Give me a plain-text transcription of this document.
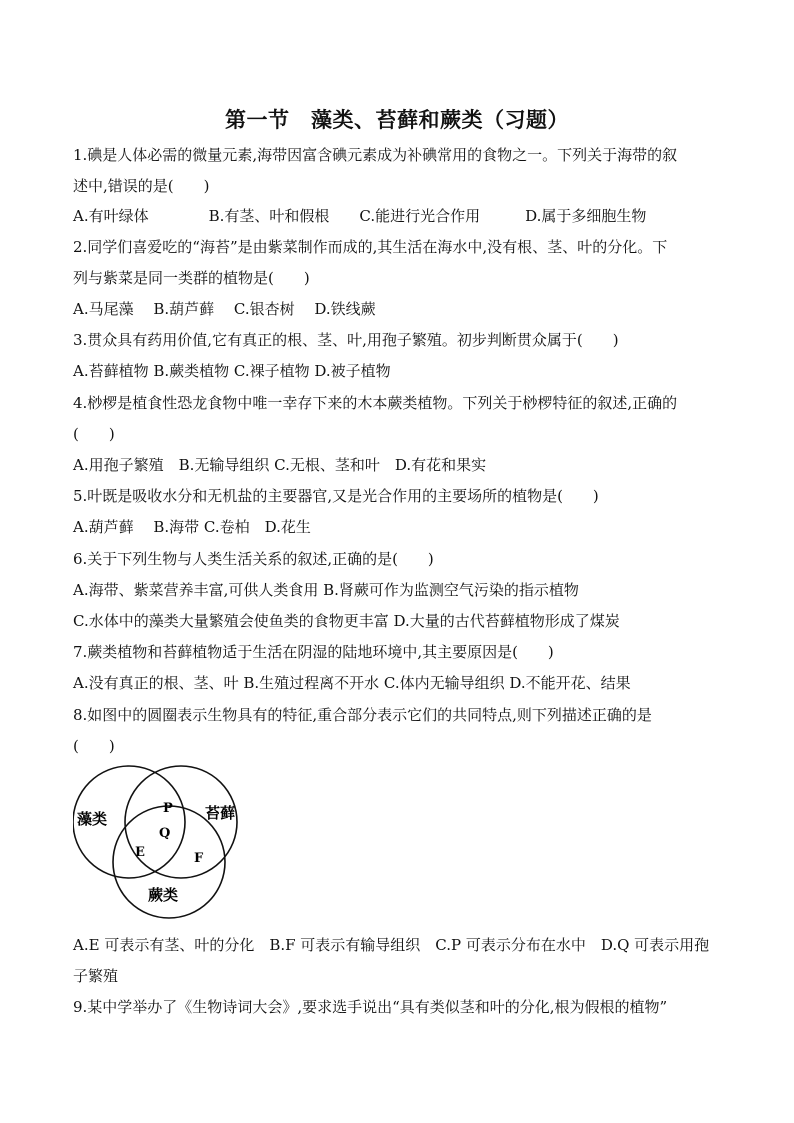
第一节　藻类、苔藓和蕨类（习题）
1.碘是人体必需的微量元素,海带因富含碘元素成为补碘常用的食物之一。下列关于海带的叙
述中,错误的是(　　)
A.有叶绿体　　　　B.有茎、叶和假根　　C.能进行光合作用　　　D.属于多细胞生物
2.同学们喜爱吃的“海苔”是由紫菜制作而成的,其生活在海水中,没有根、茎、叶的分化。下
列与紫菜是同一类群的植物是(　　)
A.马尾藻　 B.葫芦藓　 C.银杏树　 D.铁线蕨
3.贯众具有药用价值,它有真正的根、茎、叶,用孢子繁殖。初步判断贯众属于(　　)
A.苔藓植物 B.蕨类植物 C.裸子植物 D.被子植物
4.桫椤是植食性恐龙食物中唯一幸存下来的木本蕨类植物。下列关于桫椤特征的叙述,正确的
(　　)
A.用孢子繁殖　B.无输导组织 C.无根、茎和叶　D.有花和果实
5.叶既是吸收水分和无机盐的主要器官,又是光合作用的主要场所的植物是(　　)
A.葫芦藓　 B.海带 C.卷柏　D.花生
6.关于下列生物与人类生活关系的叙述,正确的是(　　)
A.海带、紫菜营养丰富,可供人类食用 B.肾蕨可作为监测空气污染的指示植物
C.水体中的藻类大量繁殖会使鱼类的食物更丰富 D.大量的古代苔藓植物形成了煤炭
7.蕨类植物和苔藓植物适于生活在阴湿的陆地环境中,其主要原因是(　　)
A.没有真正的根、茎、叶 B.生殖过程离不开水 C.体内无输导组织 D.不能开花、结果
8.如图中的圆圈表示生物具有的特征,重合部分表示它们的共同特点,则下列描述正确的是
(　　)
藻类	苔藓
蕨类
P
Q
E	F
A.E 可表示有茎、叶的分化　B.F 可表示有输导组织　C.P 可表示分布在水中　D.Q 可表示用孢
子繁殖
9.某中学举办了《生物诗词大会》,要求选手说出“具有类似茎和叶的分化,根为假根的植物”
